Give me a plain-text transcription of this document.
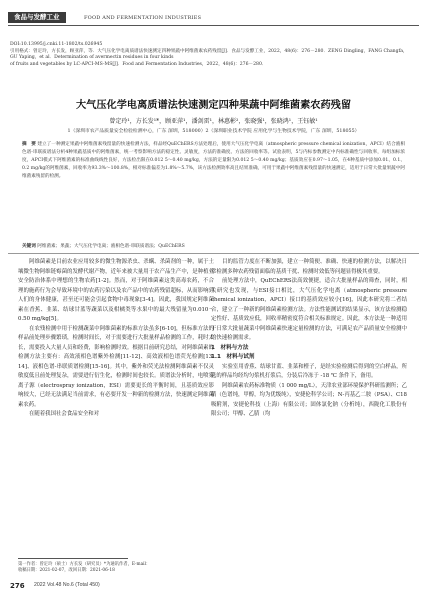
食品与发酵工业	FOOD AND FERMENTATION INDUSTRIES
DOI:10.13995/j.cnki.11-1802/ts.026945
引用格式：曾定玲，方长发，顾亚萍，等．大气压化学电离质谱法快速测定四种果蔬中阿维菌素农药残留[J]．食品与发酵工业，2022，48(6)：276－280．ZENG Dingling，FANG Changfa，GU Yaping，et al．Determination of avermectin residues in four kinds
of fruits and vegetables by LC-APCI-MS-MS[J]．Food and Fermentation Industries，2022，48(6)：276－280．
大气压化学电离质谱法快速测定四种果蔬中阿维菌素农药残留
曾定玲¹，方长发¹*，顾亚萍¹，潘剑雷¹，林惠彬²，张晓强¹，张晓鸿¹，王钰敏¹
1（深圳市农产品质量安全检验检测中心，广东 深圳，518000）2（深圳职业技术学院 应用化学与生物技术学院，广东 深圳，518055）
摘　要 建立了一种测定果蔬中阿维菌素残留量的快速检测方法，样品经QuEChERS方法处理后，使用大气压化学电离（atmospheric pressure chemical ionization，APCI）结合液相色谱-串联质谱法分析4种果蔬基质中的阿维菌素，统一考察影响方法的稳定性、灵敏度，方法的准确度、方法的回收率等。试验表明，5与内标参数测定中内标准确性与回收率，每组加标浓度，APCI模式下阿维菌素的标准曲线线性良好，方法检出限在0.012 5～0.40 mg/kg，方法的定量限为0.012 5～0.40 mg/kg；基质效应在0.97～1.05，在4种基质中添加0.01、0.1、0.2 mg/kg的阿维菌素，回收率为93.3%～100.8%，相对标准偏差为1.8%～5.7%，该方法检测效率高且结果准确，可用于果蔬中阿维菌素残留量的快速测定，适用于日常大批量果蔬中阿维菌素残留的检测。
关键词 阿维菌素；果蔬；大气压化学电离；液相色谱-串联质谱法；QuEChERS

阿维菌素是目前农业应用较多的微生物源杀虫、杀螨、杀菌剂的一种，属于土壤微生物阿维链霉菌的发酵代谢产物，近年来被大量用于农产品生产中，是种植业安全防治体系中理想的生物农药[1-2]。然而，对于阿维菌素这类高毒农药，不合理的施药行为会导致环境中的农药污染以及农产品中的农药残留超标，从而影响到人们的身体健康，甚至还可能会引起食物中毒现象[3-4]。因此，我国规定阿维菌素在香蕉、韭菜、结球甘蓝等蔬菜以及柑橘类等水果中的最大残留量为0.010～0.50 mg/kg[5]。

在农残检测中用于检测蔬菜中阿维菌素的标准方法虽多[6-10]，但标准方法的样品前处理步骤繁琐，检测时间长，对于需要进行大批量样品检测的工作，耗时太长，需要投入大量人员和经费，影响检测时效。根据目前研究总结，对阿维菌素的检测方法主要有：高效液相色谱紫外检测[11-12]、高效液相色谱荧光检测[13-14]、液相色谱-串联质谱检测[15-16]。其中，紫外和荧光法检测阿维菌素不仅灵敏度低且前处理复杂，需要进行衍生化，检测时间也较长。质谱法分析时，电喷雾离子源（electrospray ionization，ESI）需要更长的平衡时间，且基质效应影响较大，已经无法满足当前需求，有必要开发一种新的检测方法，快速测定阿维菌素农药。

在随着我国社会食品安全和对

目的监管力度在不断加强，建立一种简便、准确、快速的检测方法，以解决日常检测多种农药残留面临的基质干扰、检测时效低等问题显得极其重要。

前处理方法中，QuEChERS法高效便捷，适合大批量样品的筛查，同时，相关研究也发现，与ESI接口相比，大气压化学电离（atmospheric pressure chemical ionization，APCI）接口的基质效应较小[16]，因此本研究将二者结合，建立了一种新的阿维菌素检测方法。方法性能测试的结果显示，该方法检测稳定性好、基质效应低，回收率精密度符合相关标准规定。因此，本方法是一种适用于日常大批量蔬菜中阿维菌素快速定量检测的方法，可满足农产品质量安全检测中的快速检测需求。

1　材料与方法

1.1　材料与试剂

实验室用香蕉、结球甘蓝、韭菜和橙子，是经实验检测后得到的空白样品，所选的样品均经均匀浆机打浆后，分装后冷冻于 -18 ℃ 条件下，备用。

阿维菌素农药标准物质（1 000 mg/L），天津农业部环境保护科研监测所；乙腈（色谱纯，甲醇，均为优级纯），安捷伦科学公司；N-丙基乙二胺（PSA）、C18吸附剂，安捷伦科技（上海）有限公司；固体氯化钠（分析纯），西陇化工股份有限公司；甲醇、乙腈（均

第一作者：曾定玲（硕士）方长发（研究员）*为通讯作者，E-mail：
收稿日期：2021-02-07，改回日期：2021-06-18
276 2022 Vol.48 No.6 (Total 450)
